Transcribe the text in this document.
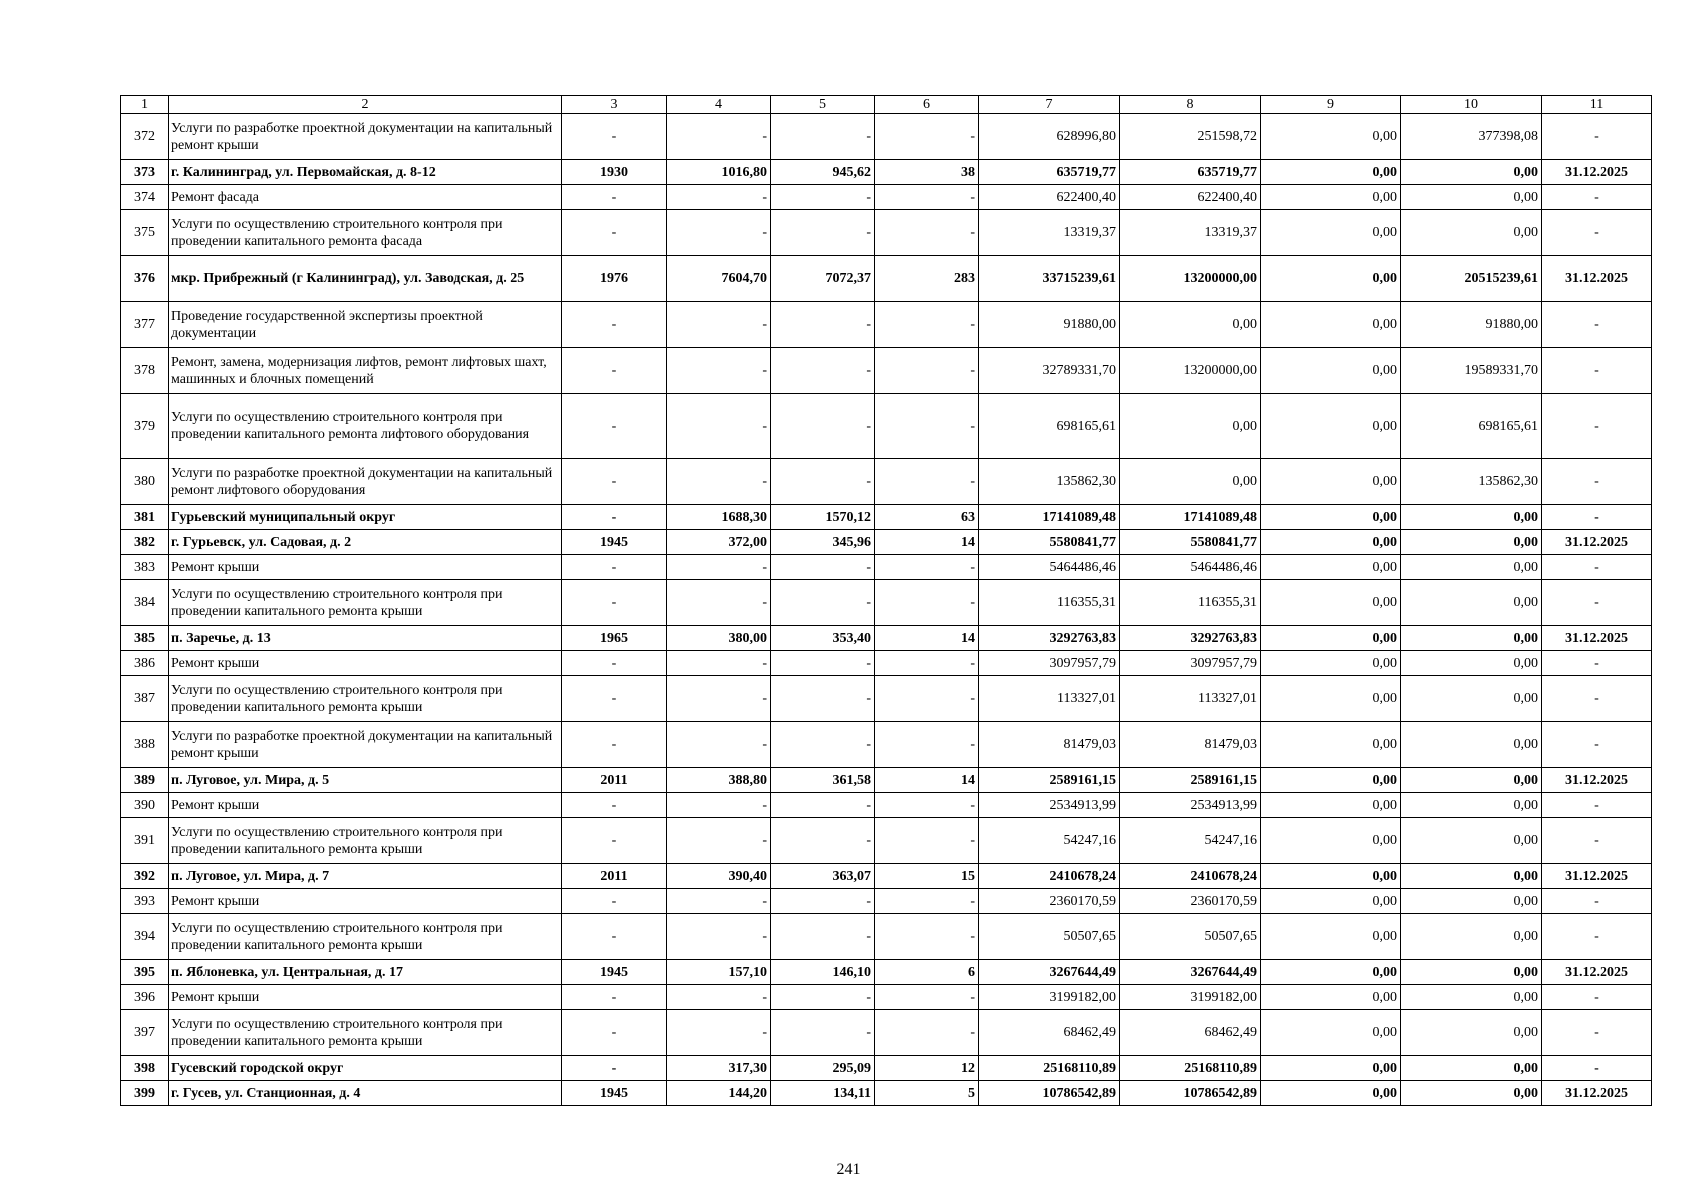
1	2	3	4	5	6	7	8	9	10	11
372	Услуги по разработке проектной документации на капитальный ремонт крыши	-	-	-	-	628996,80	251598,72	0,00	377398,08	-
373	г. Калининград, ул. Первомайская, д. 8-12	1930	1016,80	945,62	38	635719,77	635719,77	0,00	0,00	31.12.2025
374	Ремонт фасада	-	-	-	-	622400,40	622400,40	0,00	0,00	-
375	Услуги по осуществлению строительного контроля при проведении капитального ремонта фасада	-	-	-	-	13319,37	13319,37	0,00	0,00	-
376	мкр. Прибрежный (г Калининград), ул. Заводская, д. 25	1976	7604,70	7072,37	283	33715239,61	13200000,00	0,00	20515239,61	31.12.2025
377	Проведение государственной экспертизы проектной документации	-	-	-	-	91880,00	0,00	0,00	91880,00	-
378	Ремонт, замена, модернизация лифтов, ремонт лифтовых шахт, машинных и блочных помещений	-	-	-	-	32789331,70	13200000,00	0,00	19589331,70	-
379	Услуги по осуществлению строительного контроля при проведении капитального ремонта лифтового оборудования	-	-	-	-	698165,61	0,00	0,00	698165,61	-
380	Услуги по разработке проектной документации на капитальный ремонт лифтового оборудования	-	-	-	-	135862,30	0,00	0,00	135862,30	-
381	Гурьевский муниципальный округ	-	1688,30	1570,12	63	17141089,48	17141089,48	0,00	0,00	-
382	г. Гурьевск, ул. Садовая, д. 2	1945	372,00	345,96	14	5580841,77	5580841,77	0,00	0,00	31.12.2025
383	Ремонт крыши	-	-	-	-	5464486,46	5464486,46	0,00	0,00	-
384	Услуги по осуществлению строительного контроля при проведении капитального ремонта крыши	-	-	-	-	116355,31	116355,31	0,00	0,00	-
385	п. Заречье, д. 13	1965	380,00	353,40	14	3292763,83	3292763,83	0,00	0,00	31.12.2025
386	Ремонт крыши	-	-	-	-	3097957,79	3097957,79	0,00	0,00	-
387	Услуги по осуществлению строительного контроля при проведении капитального ремонта крыши	-	-	-	-	113327,01	113327,01	0,00	0,00	-
388	Услуги по разработке проектной документации на капитальный ремонт крыши	-	-	-	-	81479,03	81479,03	0,00	0,00	-
389	п. Луговое, ул. Мира, д. 5	2011	388,80	361,58	14	2589161,15	2589161,15	0,00	0,00	31.12.2025
390	Ремонт крыши	-	-	-	-	2534913,99	2534913,99	0,00	0,00	-
391	Услуги по осуществлению строительного контроля при проведении капитального ремонта крыши	-	-	-	-	54247,16	54247,16	0,00	0,00	-
392	п. Луговое, ул. Мира, д. 7	2011	390,40	363,07	15	2410678,24	2410678,24	0,00	0,00	31.12.2025
393	Ремонт крыши	-	-	-	-	2360170,59	2360170,59	0,00	0,00	-
394	Услуги по осуществлению строительного контроля при проведении капитального ремонта крыши	-	-	-	-	50507,65	50507,65	0,00	0,00	-
395	п. Яблоневка, ул. Центральная, д. 17	1945	157,10	146,10	6	3267644,49	3267644,49	0,00	0,00	31.12.2025
396	Ремонт крыши	-	-	-	-	3199182,00	3199182,00	0,00	0,00	-
397	Услуги по осуществлению строительного контроля при проведении капитального ремонта крыши	-	-	-	-	68462,49	68462,49	0,00	0,00	-
398	Гусевский городской округ	-	317,30	295,09	12	25168110,89	25168110,89	0,00	0,00	-
399	г. Гусев, ул. Станционная, д. 4	1945	144,20	134,11	5	10786542,89	10786542,89	0,00	0,00	31.12.2025
241
